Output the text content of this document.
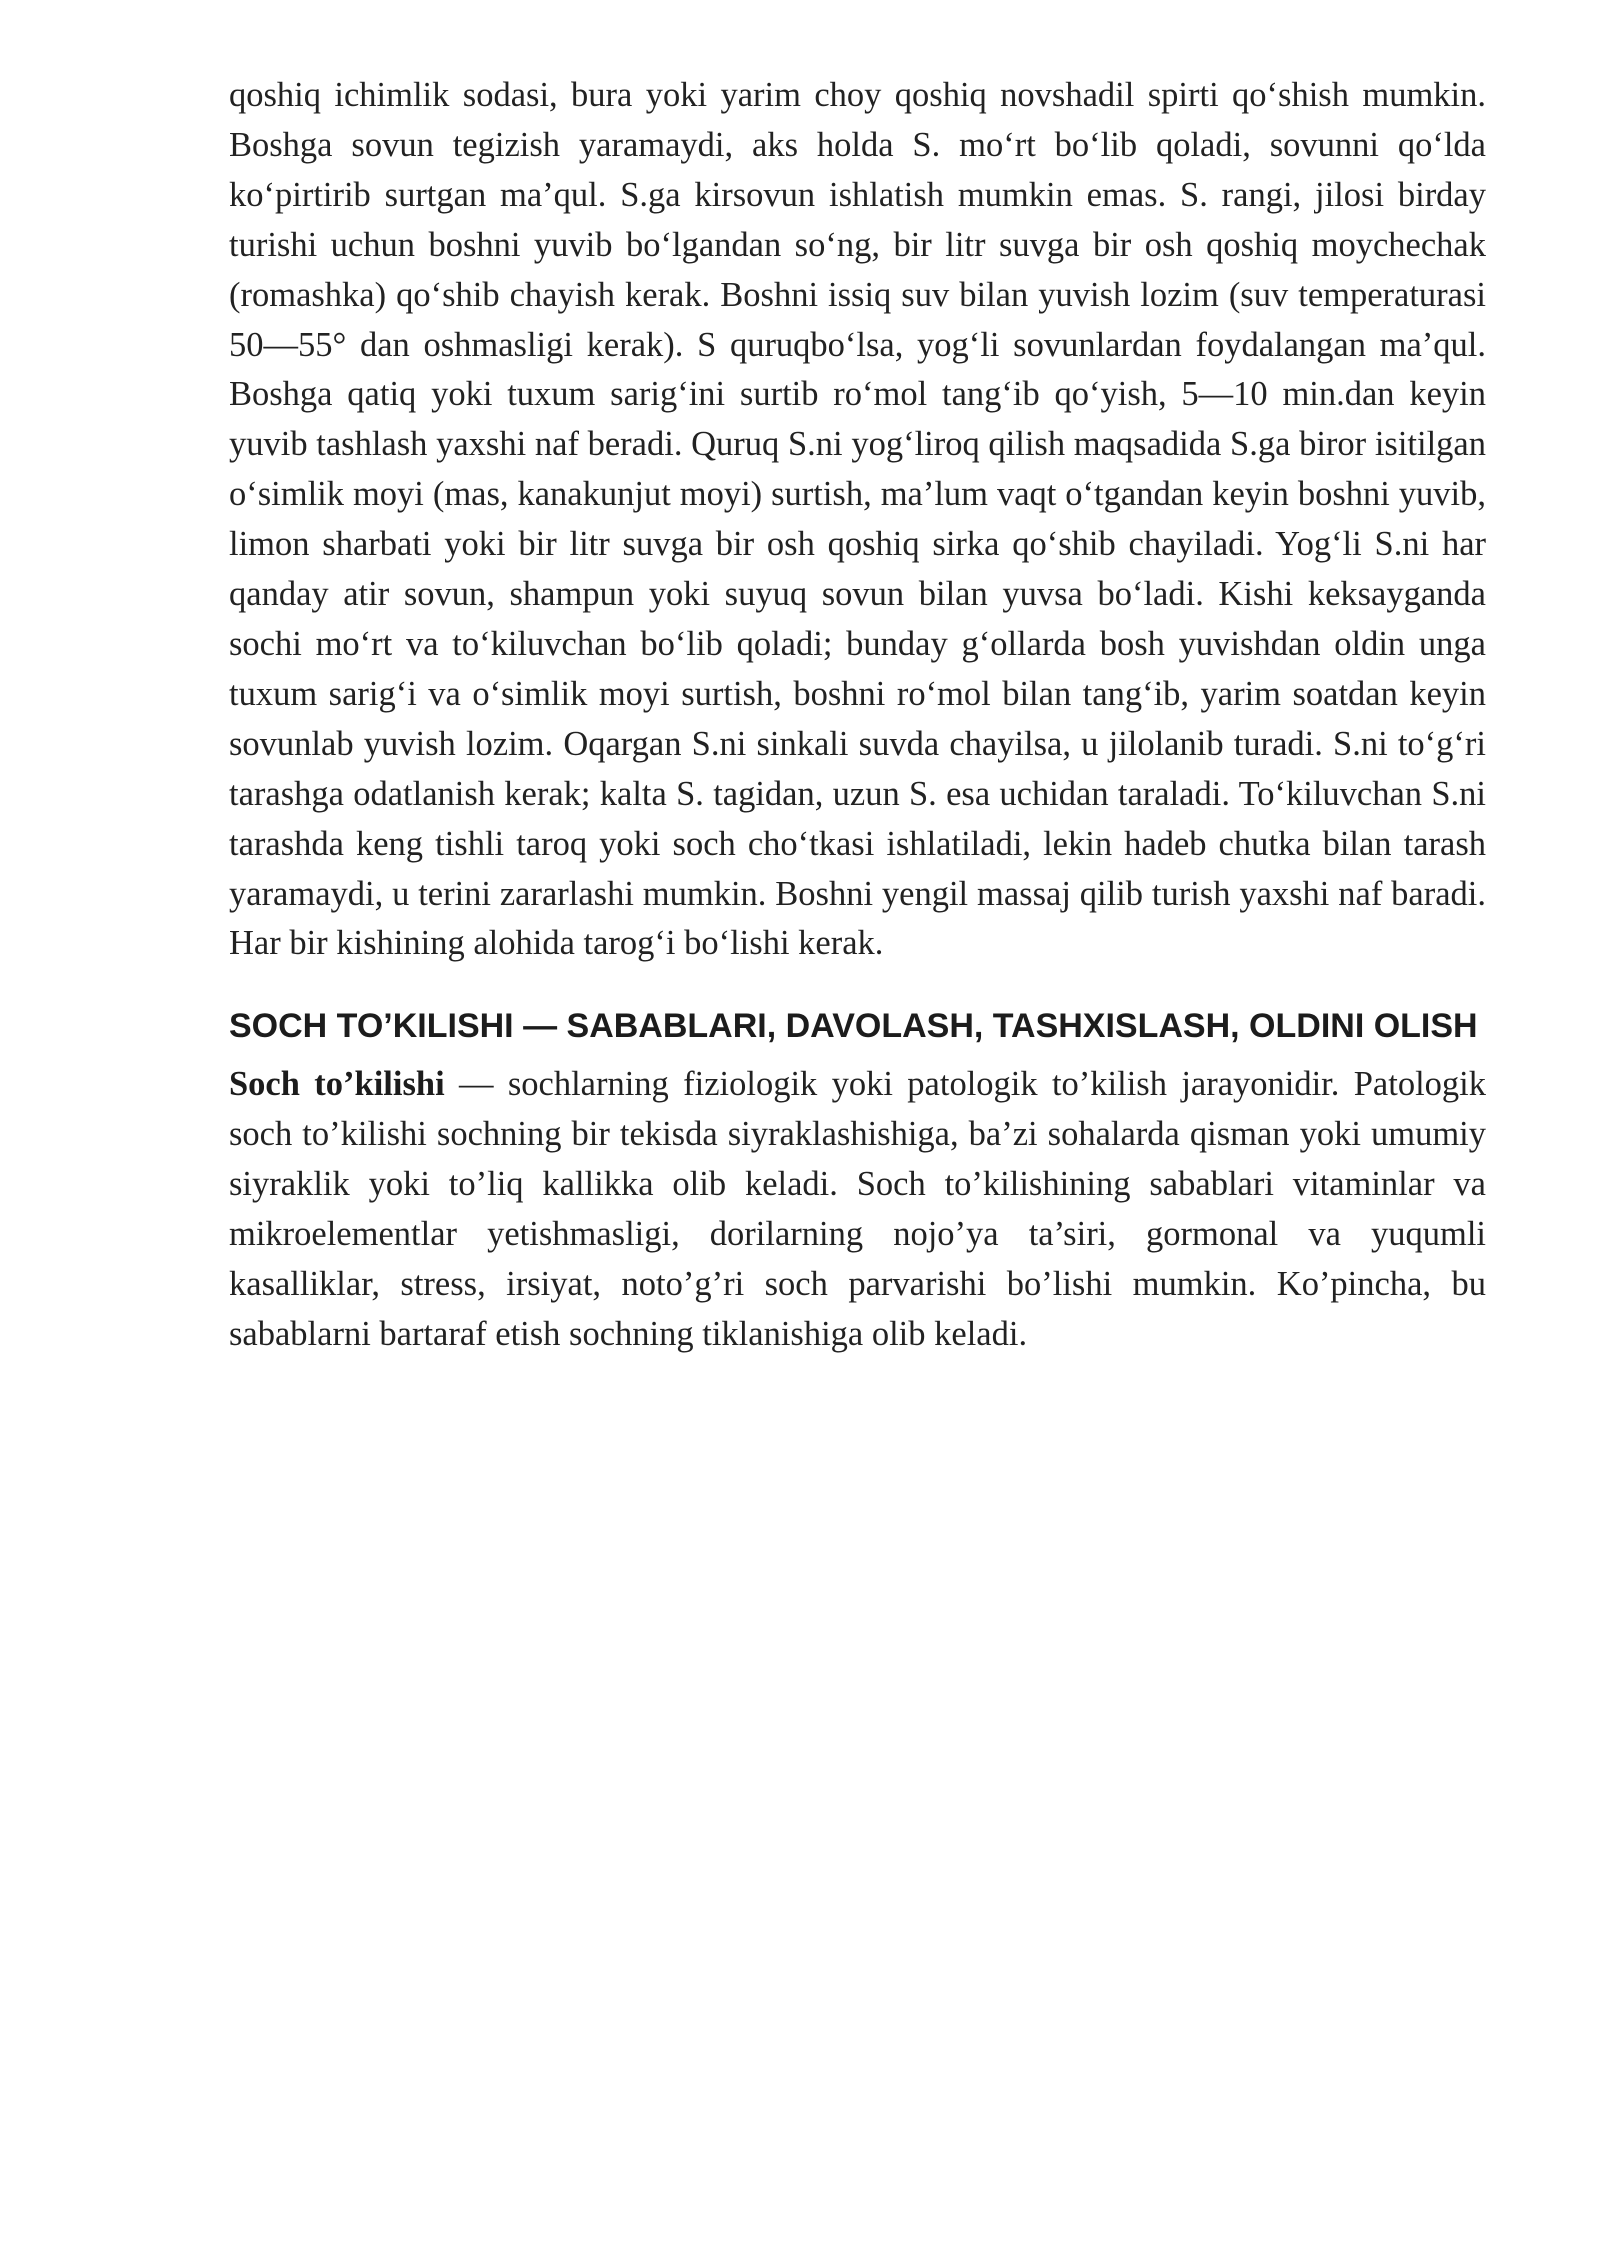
qoshiq ichimlik sodasi, bura yoki yarim choy qoshiq novshadil spirti qo‘shish mumkin. Boshga sovun tegizish yaramaydi, aks holda S. mo‘rt bo‘lib qoladi, sovunni qo‘lda ko‘pirtirib surtgan ma’qul. S.ga kirsovun ishlatish mumkin emas. S. rangi, jilosi birday turishi uchun boshni yuvib bo‘lgandan so‘ng, bir litr suvga bir osh qoshiq moychechak (romashka) qo‘shib chayish kerak. Boshni issiq suv bilan yuvish lozim (suv temperaturasi 50—55° dan oshmasligi kerak). S quruqbo‘lsa, yog‘li sovunlardan foydalangan ma’qul. Boshga qatiq yoki tuxum sarig‘ini surtib ro‘mol tang‘ib qo‘yish, 5—10 min.dan keyin yuvib tashlash yaxshi naf beradi. Quruq S.ni yog‘liroq qilish maqsadida S.ga biror isitilgan o‘simlik moyi (mas, kanakunjut moyi) surtish, ma’lum vaqt o‘tgandan keyin boshni yuvib, limon sharbati yoki bir litr suvga bir osh qoshiq sirka qo‘shib chayiladi. Yog‘li S.ni har qanday atir sovun, shampun yoki suyuq sovun bilan yuvsa bo‘ladi. Kishi keksayganda sochi mo‘rt va to‘kiluvchan bo‘lib qoladi; bunday g‘ollarda bosh yuvishdan oldin unga tuxum sarig‘i va o‘simlik moyi surtish, boshni ro‘mol bilan tang‘ib, yarim soatdan keyin sovunlab yuvish lozim. Oqargan S.ni sinkali suvda chayilsa, u jilolanib turadi. S.ni to‘g‘ri tarashga odatlanish kerak; kalta S. tagidan, uzun S. esa uchidan taraladi. To‘kiluvchan S.ni tarashda keng tishli taroq yoki soch cho‘tkasi ishlatiladi, lekin hadeb chutka bilan tarash yaramaydi, u terini zararlashi mumkin. Boshni yengil massaj qilib turish yaxshi naf baradi. Har bir kishining alohida tarog‘i bo‘lishi kerak.

SOCH TO’KILISHI — SABABLARI, DAVOLASH, TASHXISLASH, OLDINI OLISH

Soch to’kilishi — sochlarning fiziologik yoki patologik to’kilish jarayonidir. Patologik soch to’kilishi sochning bir tekisda siyraklashishiga, ba’zi sohalarda qisman yoki umumiy siyraklik yoki to’liq kallikka olib keladi. Soch to’kilishining sabablari vitaminlar va mikroelementlar yetishmasligi, dorilarning nojo’ya ta’siri, gormonal va yuqumli kasalliklar, stress, irsiyat, noto’g’ri soch parvarishi bo’lishi mumkin. Ko’pincha, bu sabablarni bartaraf etish sochning tiklanishiga olib keladi.
